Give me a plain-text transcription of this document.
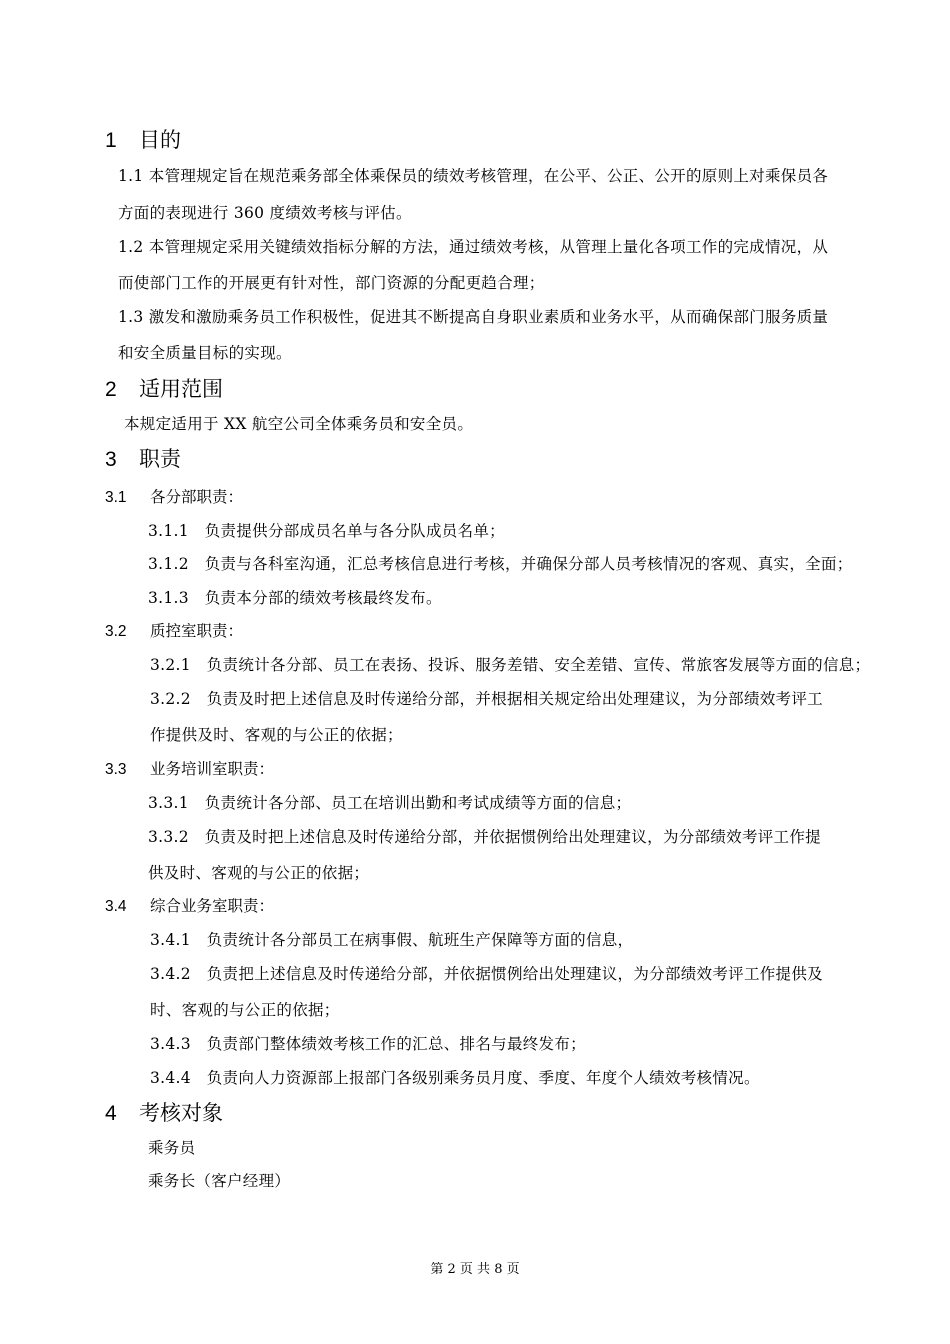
1 目的
1.1 本管理规定旨在规范乘务部全体乘保员的绩效考核管理，在公平、公正、公开的原则上对乘保员各
方面的表现进行 360 度绩效考核与评估。
1.2 本管理规定采用关键绩效指标分解的方法，通过绩效考核，从管理上量化各项工作的完成情况，从
而使部门工作的开展更有针对性，部门资源的分配更趋合理；
1.3 激发和激励乘务员工作积极性，促进其不断提高自身职业素质和业务水平，从而确保部门服务质量
和安全质量目标的实现。
2 适用范围
本规定适用于 XX 航空公司全体乘务员和安全员。
3 职责
3.1 各分部职责：
3.1.1　负责提供分部成员名单与各分队成员名单；
3.1.2　负责与各科室沟通，汇总考核信息进行考核，并确保分部人员考核情况的客观、真实，全面；
3.1.3　负责本分部的绩效考核最终发布。
3.2 质控室职责：
3.2.1　负责统计各分部、员工在表扬、投诉、服务差错、安全差错、宣传、常旅客发展等方面的信息；
3.2.2　负责及时把上述信息及时传递给分部，并根据相关规定给出处理建议，为分部绩效考评工
作提供及时、客观的与公正的依据；
3.3 业务培训室职责：
3.3.1　负责统计各分部、员工在培训出勤和考试成绩等方面的信息；
3.3.2　负责及时把上述信息及时传递给分部，并依据惯例给出处理建议，为分部绩效考评工作提
供及时、客观的与公正的依据；
3.4 综合业务室职责：
3.4.1　负责统计各分部员工在病事假、航班生产保障等方面的信息，
3.4.2　负责把上述信息及时传递给分部，并依据惯例给出处理建议，为分部绩效考评工作提供及
时、客观的与公正的依据；
3.4.3　负责部门整体绩效考核工作的汇总、排名与最终发布；
3.4.4　负责向人力资源部上报部门各级别乘务员月度、季度、年度个人绩效考核情况。
4 考核对象
乘务员
乘务长（客户经理）
第 2 页 共 8 页
